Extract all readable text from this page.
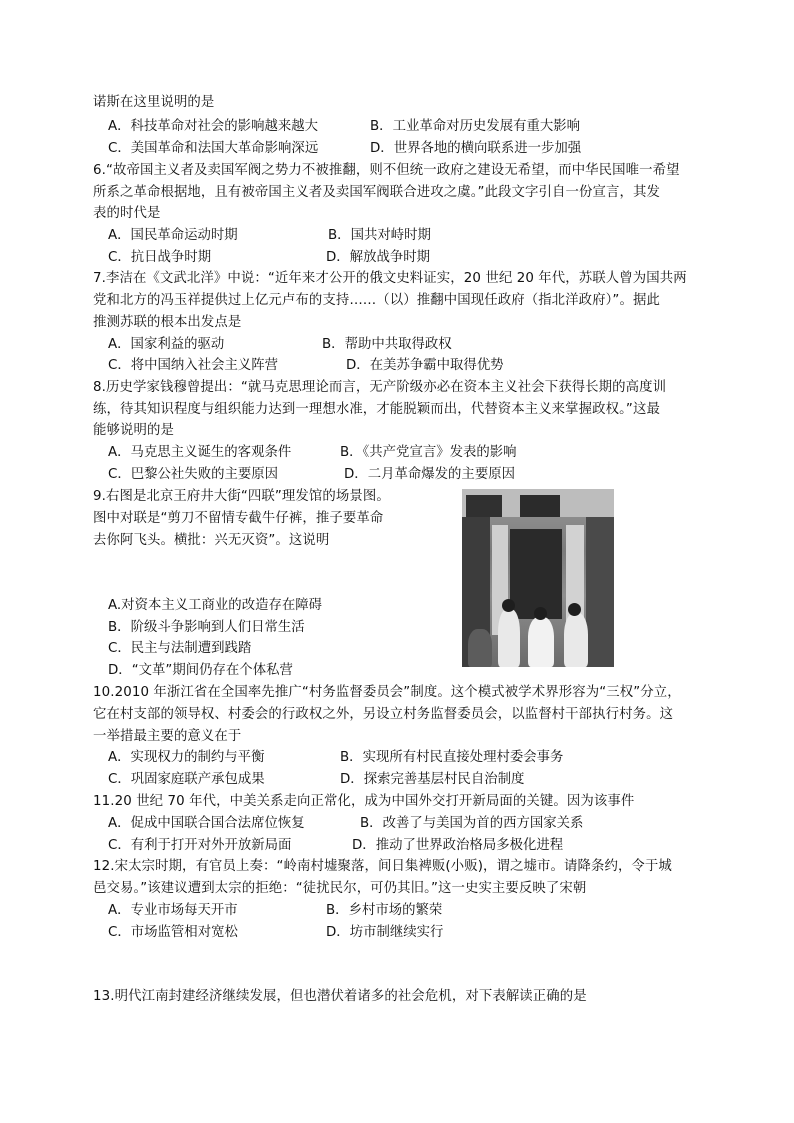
诺斯在这里说明的是
A．科技革命对社会的影响越来越大	B．工业革命对历史发展有重大影响
C．美国革命和法国大革命影响深远	D．世界各地的横向联系进一步加强
6.“故帝国主义者及卖国军阀之势力不被推翻，则不但统一政府之建设无希望，而中华民国唯一希望
所系之革命根据地，且有被帝国主义者及卖国军阀联合进攻之虞。”此段文字引自一份宣言，其发
表的时代是
A．国民革命运动时期	B．国共对峙时期
C．抗日战争时期	D．解放战争时期
7.李洁在《文武北洋》中说：“近年来才公开的俄文史料证实，20 世纪 20 年代，苏联人曾为国共两
党和北方的冯玉祥提供过上亿元卢布的支持……（以）推翻中国现任政府（指北洋政府）”。据此
推测苏联的根本出发点是
A．国家利益的驱动	B．帮助中共取得政权
C．将中国纳入社会主义阵营	D．在美苏争霸中取得优势
8.历史学家钱穆曾提出：“就马克思理论而言，无产阶级亦必在资本主义社会下获得长期的高度训
练，待其知识程度与组织能力达到一理想水准，才能脱颖而出，代替资本主义来掌握政权。”这最
能够说明的是
A．马克思主义诞生的客观条件	B．《共产党宣言》发表的影响
C．巴黎公社失败的主要原因	D．二月革命爆发的主要原因
9.右图是北京王府井大街“四联”理发馆的场景图。
图中对联是“剪刀不留情专截牛仔裤，推子要革命
去你阿飞头。横批：兴无灭资”。这说明
A.对资本主义工商业的改造存在障碍
B．阶级斗争影响到人们日常生活
C．民主与法制遭到践踏
D．“文革”期间仍存在个体私营
10.2010 年浙江省在全国率先推广“村务监督委员会”制度。这个模式被学术界形容为“三权”分立，
它在村支部的领导权、村委会的行政权之外，另设立村务监督委员会，以监督村干部执行村务。这
一举措最主要的意义在于
A．实现权力的制约与平衡	B．实现所有村民直接处理村委会事务
C．巩固家庭联产承包成果	D．探索完善基层村民自治制度
11.20 世纪 70 年代，中美关系走向正常化，成为中国外交打开新局面的关键。因为该事件
A．促成中国联合国合法席位恢复	B．改善了与美国为首的西方国家关系
C．有利于打开对外开放新局面	D．推动了世界政治格局多极化进程
12.宋太宗时期，有官员上奏：“岭南村墟聚落，间日集裨贩(小贩)，谓之墟市。请降条约，令于城
邑交易。”该建议遭到太宗的拒绝：“徒扰民尔，可仍其旧。”这一史实主要反映了宋朝
A．专业市场每天开市	B．乡村市场的繁荣
C．市场监管相对宽松	D．坊市制继续实行
13.明代江南封建经济继续发展，但也潜伏着诸多的社会危机，对下表解读正确的是
